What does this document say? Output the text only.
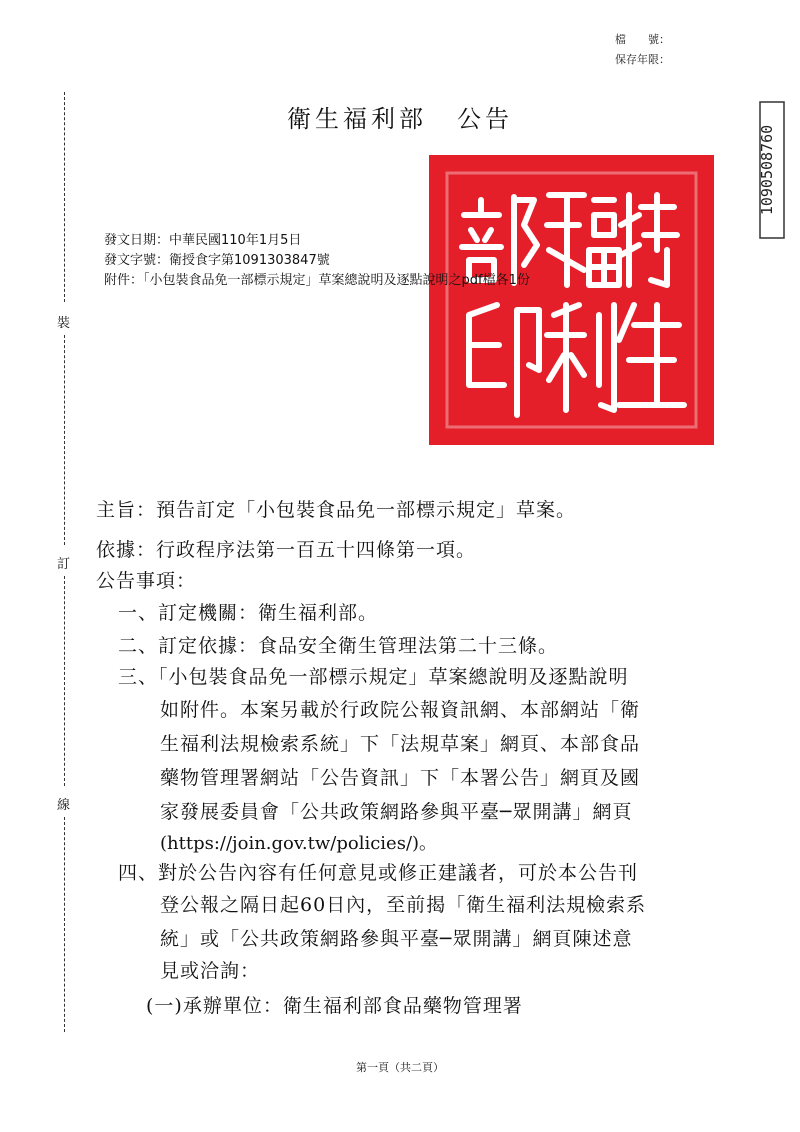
檔　　號：
保存年限：
裝
訂
線
衛生福利部 公告
1090508760
發文日期：中華民國110年1月5日
發文字號：衛授食字第1091303847號
附件：「小包裝食品免一部標示規定」草案總說明及逐點說明之pdf檔各1份
主旨：預告訂定「小包裝食品免一部標示規定」草案。
依據：行政程序法第一百五十四條第一項。
公告事項：
一、訂定機關：衛生福利部。
二、訂定依據：食品安全衛生管理法第二十三條。
三、「小包裝食品免一部標示規定」草案總說明及逐點說明
如附件。本案另載於行政院公報資訊網、本部網站「衛
生福利法規檢索系統」下「法規草案」網頁、本部食品
藥物管理署網站「公告資訊」下「本署公告」網頁及國
家發展委員會「公共政策網路參與平臺─眾開講」網頁
(https://join.gov.tw/policies/)。
四、對於公告內容有任何意見或修正建議者，可於本公告刊
登公報之隔日起60日內，至前揭「衛生福利法規檢索系
統」或「公共政策網路參與平臺─眾開講」網頁陳述意
見或洽詢：
(一)承辦單位：衛生福利部食品藥物管理署
第一頁（共二頁）
